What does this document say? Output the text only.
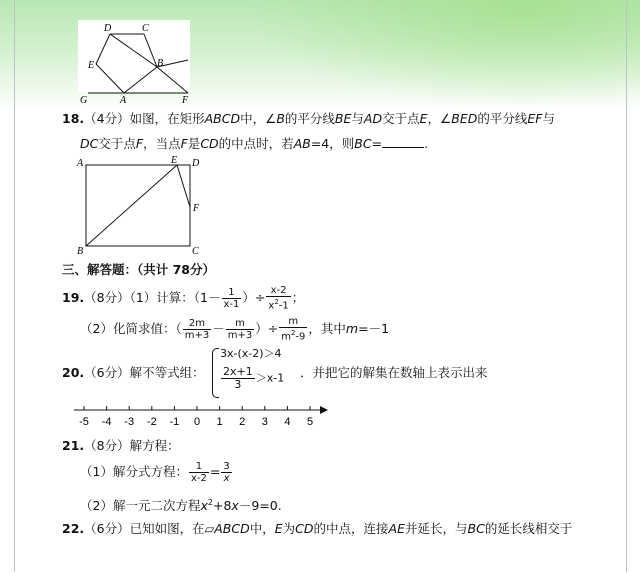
D	C
E	B
G	A	F
18.（4分）如图，在矩形ABCD中，∠B的平分线BE与AD交于点E，∠BED的平分线EF与
DC交于点F，当点F是CD的中点时，若AB=4，则BC=	.
A	E D
F
B	C
三、解答题：（共计 78分）
19.（8分）（1）计算：（$1- \frac{1}{x-1}$ ）÷ $\frac{x-2}{x^2-1}$ ；
（2）化简求值：（ $\frac{2m}{m+3} - \frac{m}{m+3}$ ）÷ $\frac{m}{m^2-9}$ ，其中m=－1
20.（6分）解不等式组：
3x-(x-2)＞4
$\frac{2x+1}{3} >x-1$ ．并把它的解集在数轴上表示出来
-5 -4 -3 -2 -1 0 1 2 3 4 5
21.（8分）解方程：
（1）解分式方程： $\frac{1}{x-2} = \frac{3}{x}$
（2）解一元二次方程$x^2+8x-9=0$.
22.（6分）已知如图，在▱ABCD中，E为CD的中点，连接AE并延长，与BC的延长线相交于
